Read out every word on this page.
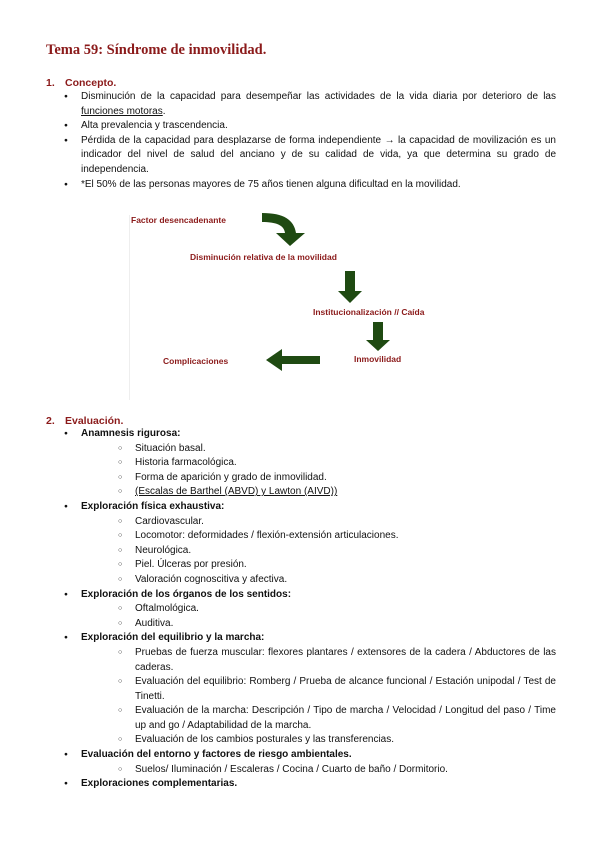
Tema 59: Síndrome de inmovilidad.
1. Concepto.
● Disminución de la capacidad para desempeñar las actividades de la vida diaria por deterioro de las funciones motoras.
● Alta prevalencia y trascendencia.
● Pérdida de la capacidad para desplazarse de forma independiente → la capacidad de movilización es un indicador del nivel de salud del anciano y de su calidad de vida, ya que determina su grado de independencia.
● *El 50% de las personas mayores de 75 años tienen alguna dificultad en la movilidad.
Factor desencadenante
Disminución relativa de la movilidad
Institucionalización // Caída
Inmovilidad
Complicaciones
2. Evaluación.
● Anamnesis rigurosa:
○ Situación basal.
○ Historia farmacológica.
○ Forma de aparición y grado de inmovilidad.
○ (Escalas de Barthel (ABVD) y Lawton (AIVD))
● Exploración física exhaustiva:
○ Cardiovascular.
○ Locomotor: deformidades / flexión-extensión articulaciones.
○ Neurológica.
○ Piel. Úlceras por presión.
○ Valoración cognoscitiva y afectiva.
● Exploración de los órganos de los sentidos:
○ Oftalmológica.
○ Auditiva.
● Exploración del equilibrio y la marcha:
○ Pruebas de fuerza muscular: flexores plantares / extensores de la cadera / Abductores de las caderas.
○ Evaluación del equilibrio: Romberg / Prueba de alcance funcional / Estación unipodal / Test de Tinetti.
○ Evaluación de la marcha: Descripción / Tipo de marcha / Velocidad / Longitud del paso / Time up and go / Adaptabilidad de la marcha.
○ Evaluación de los cambios posturales y las transferencias.
● Evaluación del entorno y factores de riesgo ambientales.
○ Suelos/ Iluminación / Escaleras / Cocina / Cuarto de baño / Dormitorio.
● Exploraciones complementarias.
